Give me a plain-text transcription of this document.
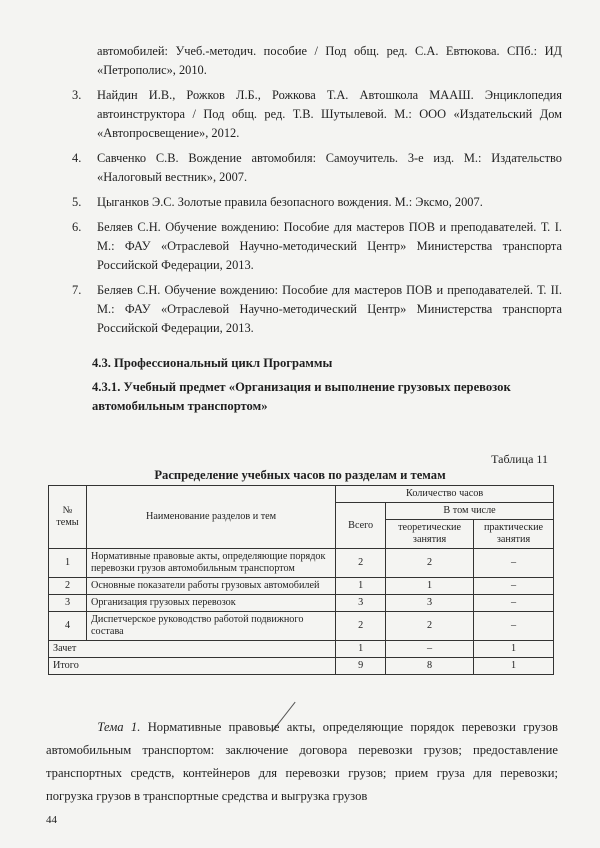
автомобилей: Учеб.-методич. пособие / Под общ. ред. С.А. Евтюкова. СПб.: ИД «Петрополис», 2010.
3. Найдин И.В., Рожков Л.Б., Рожкова Т.А. Автошкола МААШ. Энциклопедия автоинструктора / Под общ. ред. Т.В. Шутылевой. М.: ООО «Издательский Дом «Автопросвещение», 2012.
4. Савченко С.В. Вождение автомобиля: Самоучитель. 3-е изд. М.: Издательство «Налоговый вестник», 2007.
5. Цыганков Э.С. Золотые правила безопасного вождения. М.: Эксмо, 2007.
6. Беляев С.Н. Обучение вождению: Пособие для мастеров ПОВ и преподавателей. Т. I. М.: ФАУ «Отраслевой Научно-методический Центр» Министерства транспорта Российской Федерации, 2013.
7. Беляев С.Н. Обучение вождению: Пособие для мастеров ПОВ и преподавателей. Т. II. М.: ФАУ «Отраслевой Научно-методический Центр» Министерства транспорта Российской Федерации, 2013.
4.3. Профессиональный цикл Программы
4.3.1. Учебный предмет «Организация и выполнение грузовых перевозок автомобильным транспортом»
Таблица 11
Распределение учебных часов по разделам и темам
№ темы	Наименование разделов и тем	Количество часов		
		Всего	В том числе	
			теоретические занятия	практические занятия
1	Нормативные правовые акты, определяющие порядок перевозки грузов автомобильным транспортом	2	2	–
2	Основные показатели работы грузовых автомобилей	1	1	–
3	Организация грузовых перевозок	3	3	–
4	Диспетчерское руководство работой подвижного состава	2	2	–
Зачет		1	–	1
Итого		9	8	1
Тема 1. Нормативные правовые акты, определяющие порядок перевозки грузов автомобильным транспортом: заключение договора перевозки грузов; предоставление транспортных средств, контейнеров для перевозки грузов; прием груза для перевозки; погрузка грузов в транспортные средства и выгрузка грузов
44
